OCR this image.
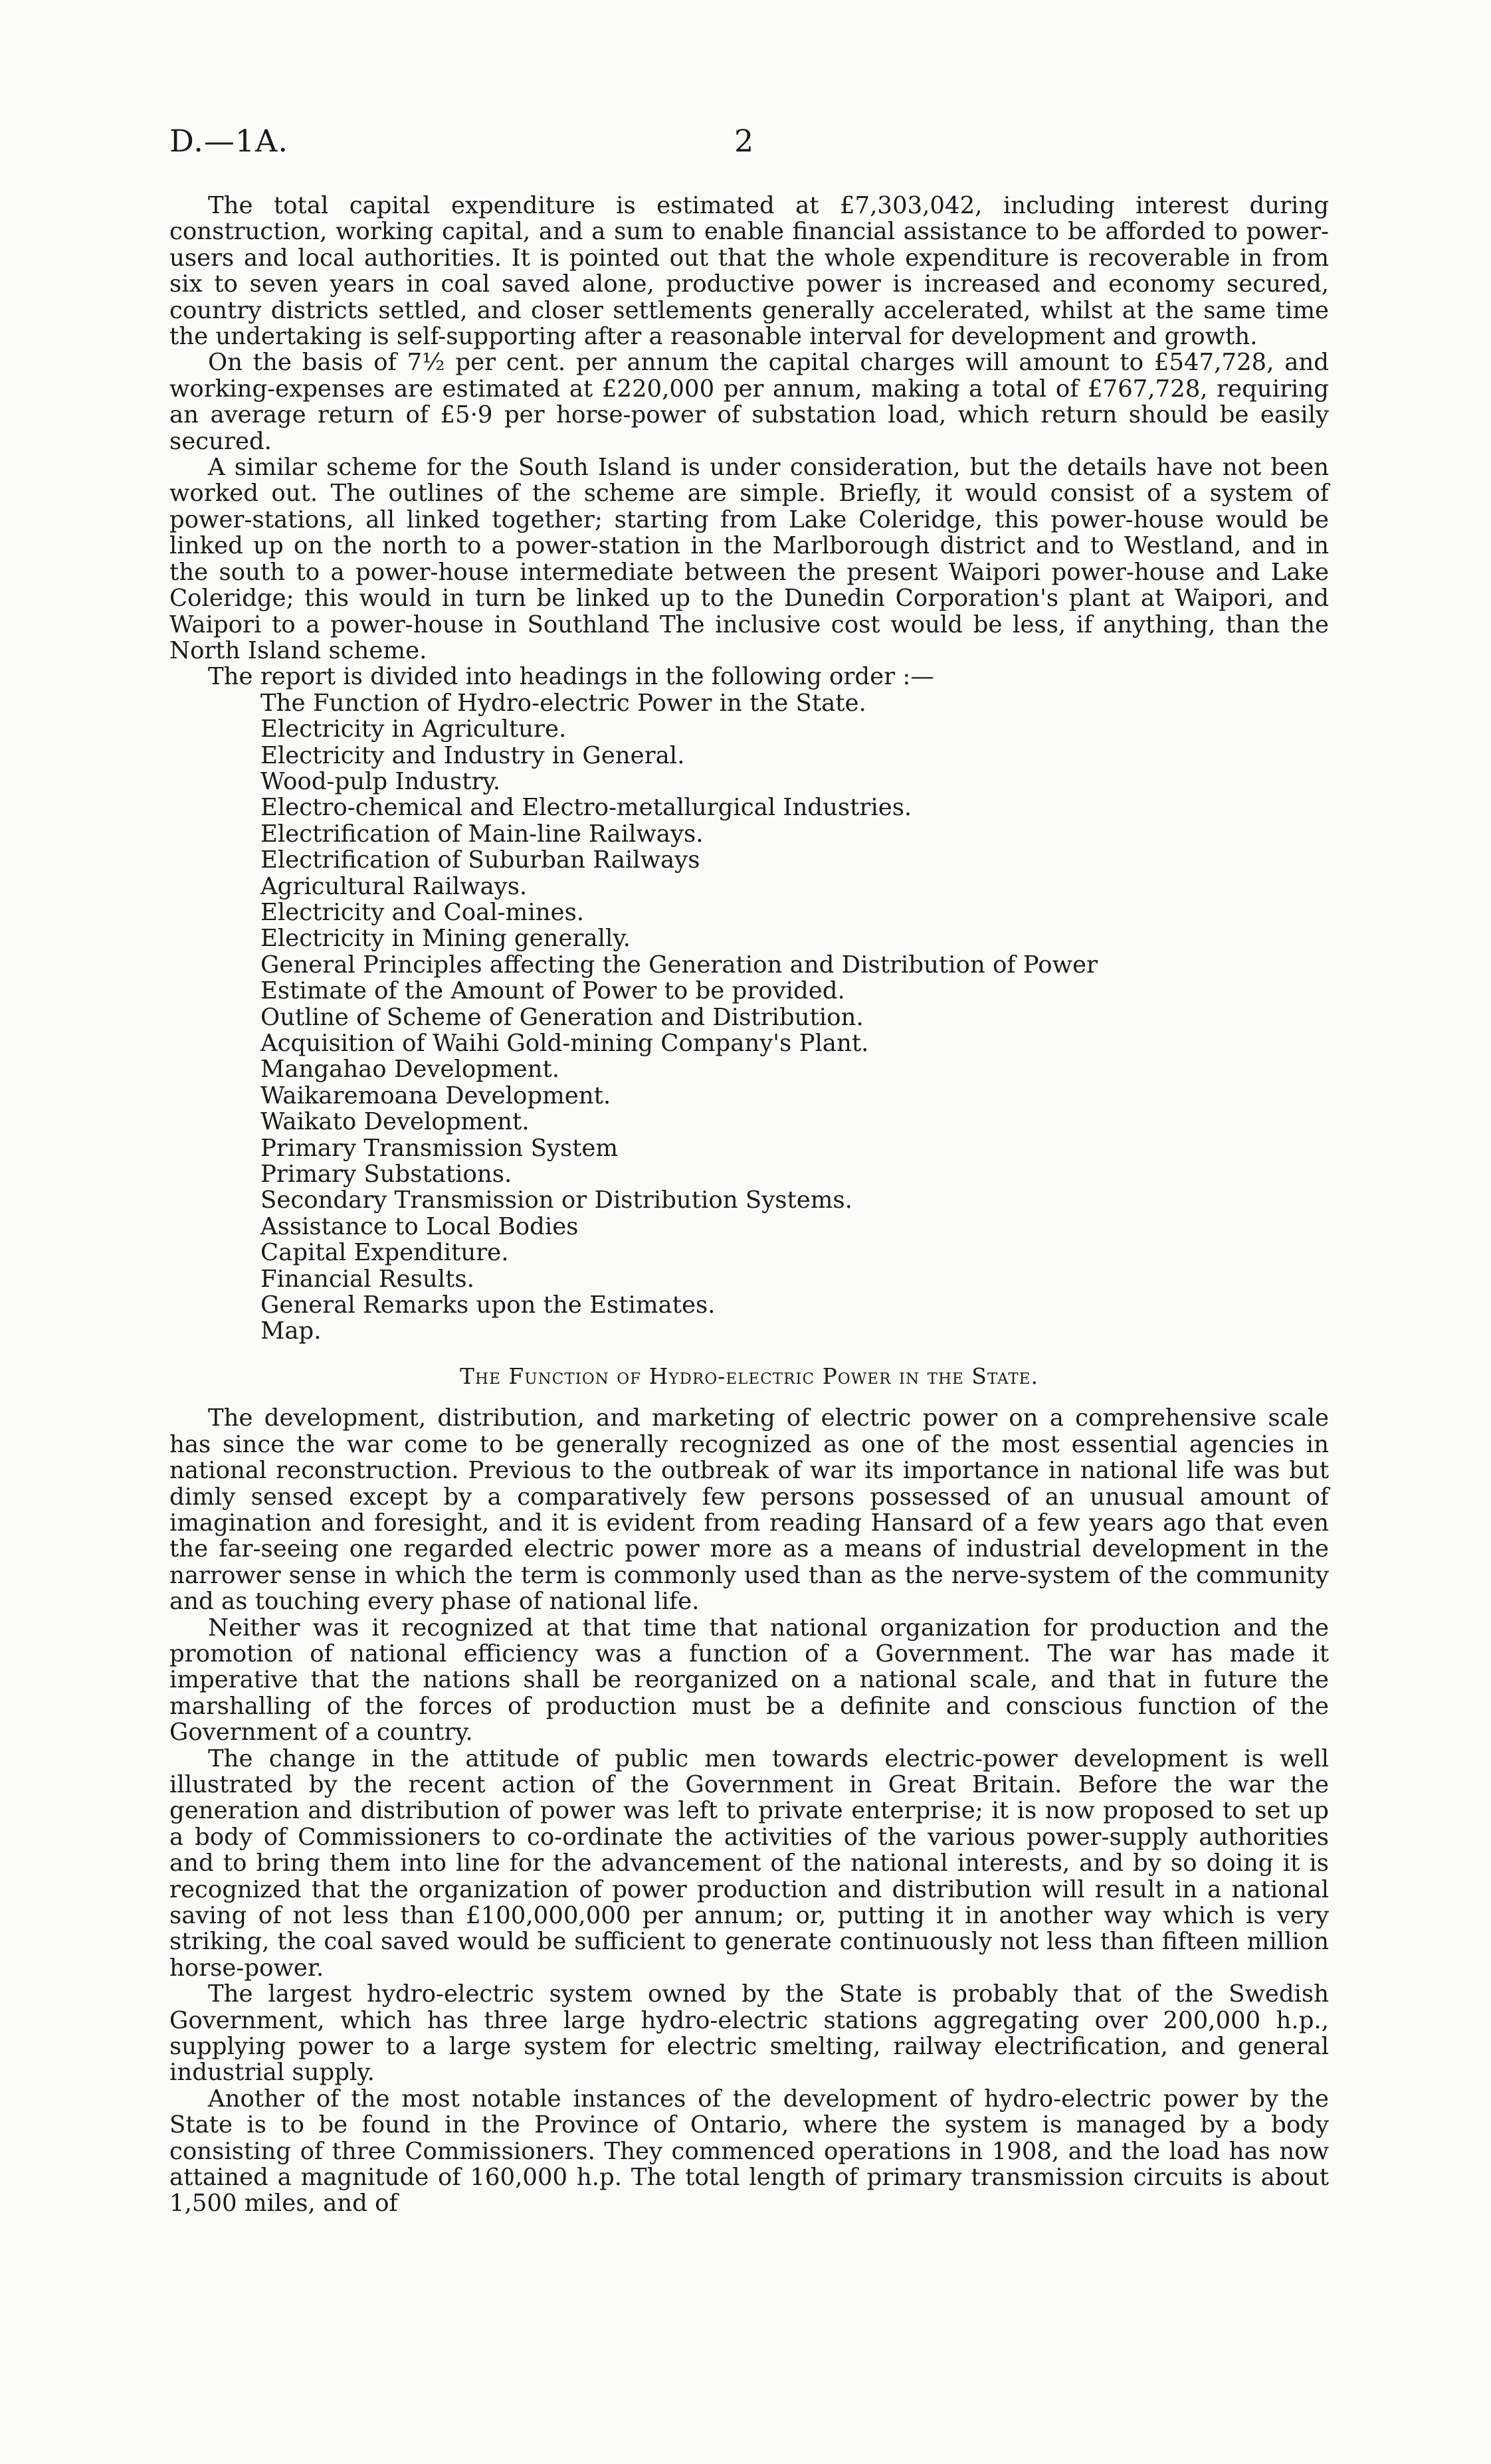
D.—1A.	2

The total capital expenditure is estimated at £7,303,042, including interest during construction, working capital, and a sum to enable financial assistance to be afforded to power-users and local authorities. It is pointed out that the whole expenditure is recoverable in from six to seven years in coal saved alone, productive power is increased and economy secured, country districts settled, and closer settlements generally accelerated, whilst at the same time the undertaking is self-supporting after a reasonable interval for development and growth.

On the basis of 7½ per cent. per annum the capital charges will amount to £547,728, and working-expenses are estimated at £220,000 per annum, making a total of £767,728, requiring an average return of £5·9 per horse-power of substation load, which return should be easily secured.

A similar scheme for the South Island is under consideration, but the details have not been worked out. The outlines of the scheme are simple. Briefly, it would consist of a system of power-stations, all linked together; starting from Lake Coleridge, this power-house would be linked up on the north to a power-station in the Marlborough district and to Westland, and in the south to a power-house intermediate between the present Waipori power-house and Lake Coleridge; this would in turn be linked up to the Dunedin Corporation's plant at Waipori, and Waipori to a power-house in Southland The inclusive cost would be less, if anything, than the North Island scheme.

The report is divided into headings in the following order :—

The Function of Hydro-electric Power in the State.
Electricity in Agriculture.
Electricity and Industry in General.
Wood-pulp Industry.
Electro-chemical and Electro-metallurgical Industries.
Electrification of Main-line Railways.
Electrification of Suburban Railways
Agricultural Railways.
Electricity and Coal-mines.
Electricity in Mining generally.
General Principles affecting the Generation and Distribution of Power
Estimate of the Amount of Power to be provided.
Outline of Scheme of Generation and Distribution.
Acquisition of Waihi Gold-mining Company's Plant.
Mangahao Development.
Waikaremoana Development.
Waikato Development.
Primary Transmission System
Primary Substations.
Secondary Transmission or Distribution Systems.
Assistance to Local Bodies
Capital Expenditure.
Financial Results.
General Remarks upon the Estimates.
Map.
The Function of Hydro-electric Power in the State.

The development, distribution, and marketing of electric power on a comprehensive scale has since the war come to be generally recognized as one of the most essential agencies in national reconstruction. Previous to the outbreak of war its importance in national life was but dimly sensed except by a comparatively few persons possessed of an unusual amount of imagination and foresight, and it is evident from reading Hansard of a few years ago that even the far-seeing one regarded electric power more as a means of industrial development in the narrower sense in which the term is commonly used than as the nerve-system of the community and as touching every phase of national life.

Neither was it recognized at that time that national organization for production and the promotion of national efficiency was a function of a Government. The war has made it imperative that the nations shall be reorganized on a national scale, and that in future the marshalling of the forces of production must be a definite and conscious function of the Government of a country.

The change in the attitude of public men towards electric-power development is well illustrated by the recent action of the Government in Great Britain. Before the war the generation and distribution of power was left to private enterprise; it is now proposed to set up a body of Commissioners to co-ordinate the activities of the various power-supply authorities and to bring them into line for the advancement of the national interests, and by so doing it is recognized that the organization of power production and distribution will result in a national saving of not less than £100,000,000 per annum; or, putting it in another way which is very striking, the coal saved would be sufficient to generate continuously not less than fifteen million horse-power.

The largest hydro-electric system owned by the State is probably that of the Swedish Government, which has three large hydro-electric stations aggregating over 200,000 h.p., supplying power to a large system for electric smelting, railway electrification, and general industrial supply.

Another of the most notable instances of the development of hydro-electric power by the State is to be found in the Province of Ontario, where the system is managed by a body consisting of three Commissioners. They commenced operations in 1908, and the load has now attained a magnitude of 160,000 h.p. The total length of primary transmission circuits is about 1,500 miles, and of
